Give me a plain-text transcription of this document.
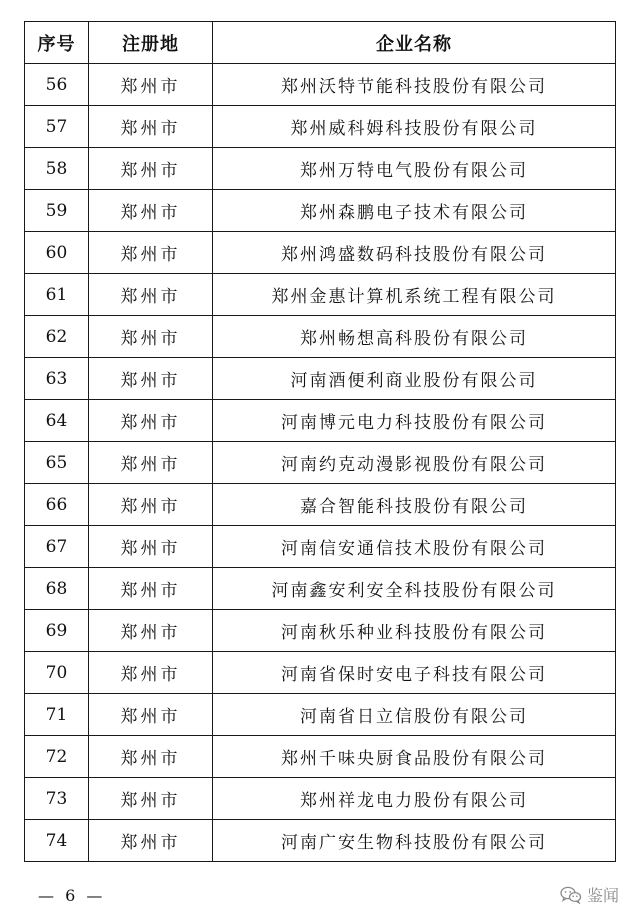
序号	注册地	企业名称
56	郑州市	郑州沃特节能科技股份有限公司
57	郑州市	郑州威科姆科技股份有限公司
58	郑州市	郑州万特电气股份有限公司
59	郑州市	郑州森鹏电子技术有限公司
60	郑州市	郑州鸿盛数码科技股份有限公司
61	郑州市	郑州金惠计算机系统工程有限公司
62	郑州市	郑州畅想高科股份有限公司
63	郑州市	河南酒便利商业股份有限公司
64	郑州市	河南博元电力科技股份有限公司
65	郑州市	河南约克动漫影视股份有限公司
66	郑州市	嘉合智能科技股份有限公司
67	郑州市	河南信安通信技术股份有限公司
68	郑州市	河南鑫安利安全科技股份有限公司
69	郑州市	河南秋乐种业科技股份有限公司
70	郑州市	河南省保时安电子科技有限公司
71	郑州市	河南省日立信股份有限公司
72	郑州市	郑州千味央厨食品股份有限公司
73	郑州市	郑州祥龙电力股份有限公司
74	郑州市	河南广安生物科技股份有限公司
— 6 —	鉴闻
